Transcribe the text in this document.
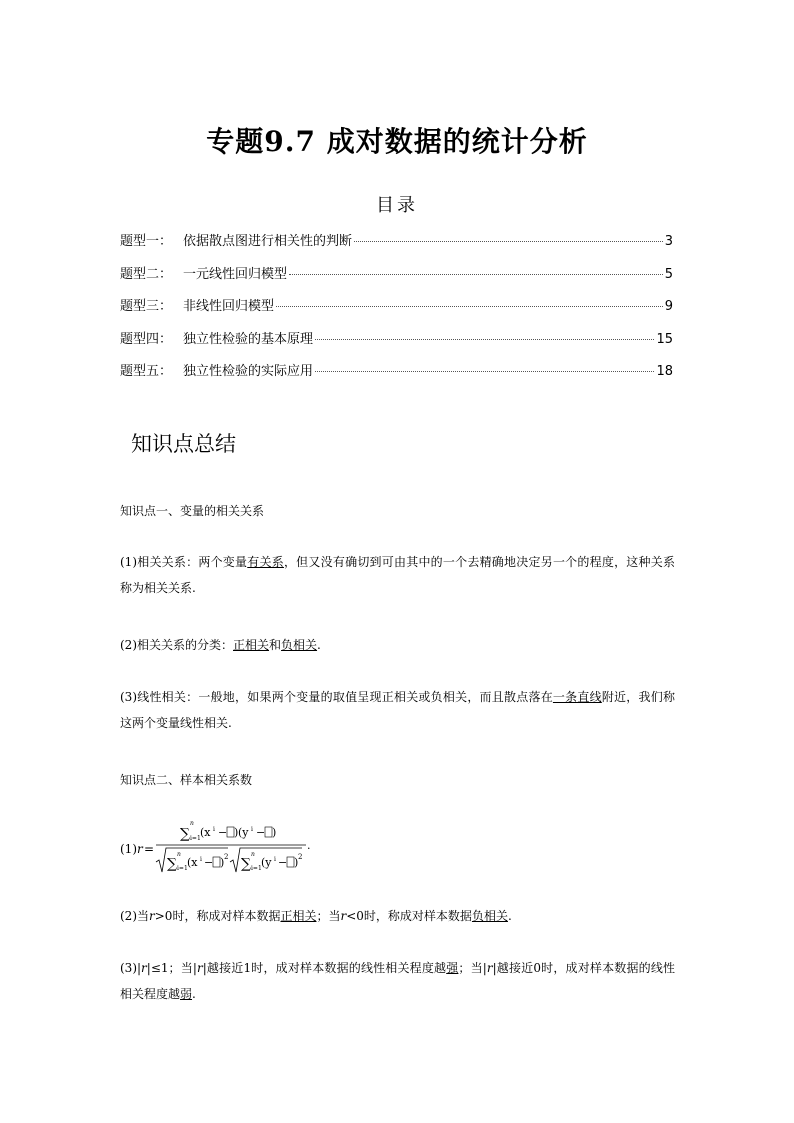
专题9.7 成对数据的统计分析
目录
题型一： 依据散点图进行相关性的判断	3
题型二： 一元线性回归模型	5
题型三： 非线性回归模型	9
题型四： 独立性检验的基本原理	15
题型五： 独立性检验的实际应用	18
知识点总结
知识点一、变量的相关关系
(1)相关关系：两个变量有关系，但又没有确切到可由其中的一个去精确地决定另一个的程度，这种关系称为相关关系.
(2)相关关系的分类：正相关和负相关.
(3)线性相关：一般地，如果两个变量的取值呈现正相关或负相关，而且散点落在一条直线附近，我们称这两个变量线性相关.
知识点二、样本相关系数
(1) r =
∑
n
i=1 (x i − ) (y i − )
.
∑
n
i=1 (x i − ) 2 ∑
n
i=1 (y i − ) 2
(2)当r>0时，称成对样本数据正相关；当r<0时，称成对样本数据负相关.
(3)|r|≤1；当|r|越接近1时，成对样本数据的线性相关程度越强；当|r|越接近0时，成对样本数据的线性相关程度越弱.
